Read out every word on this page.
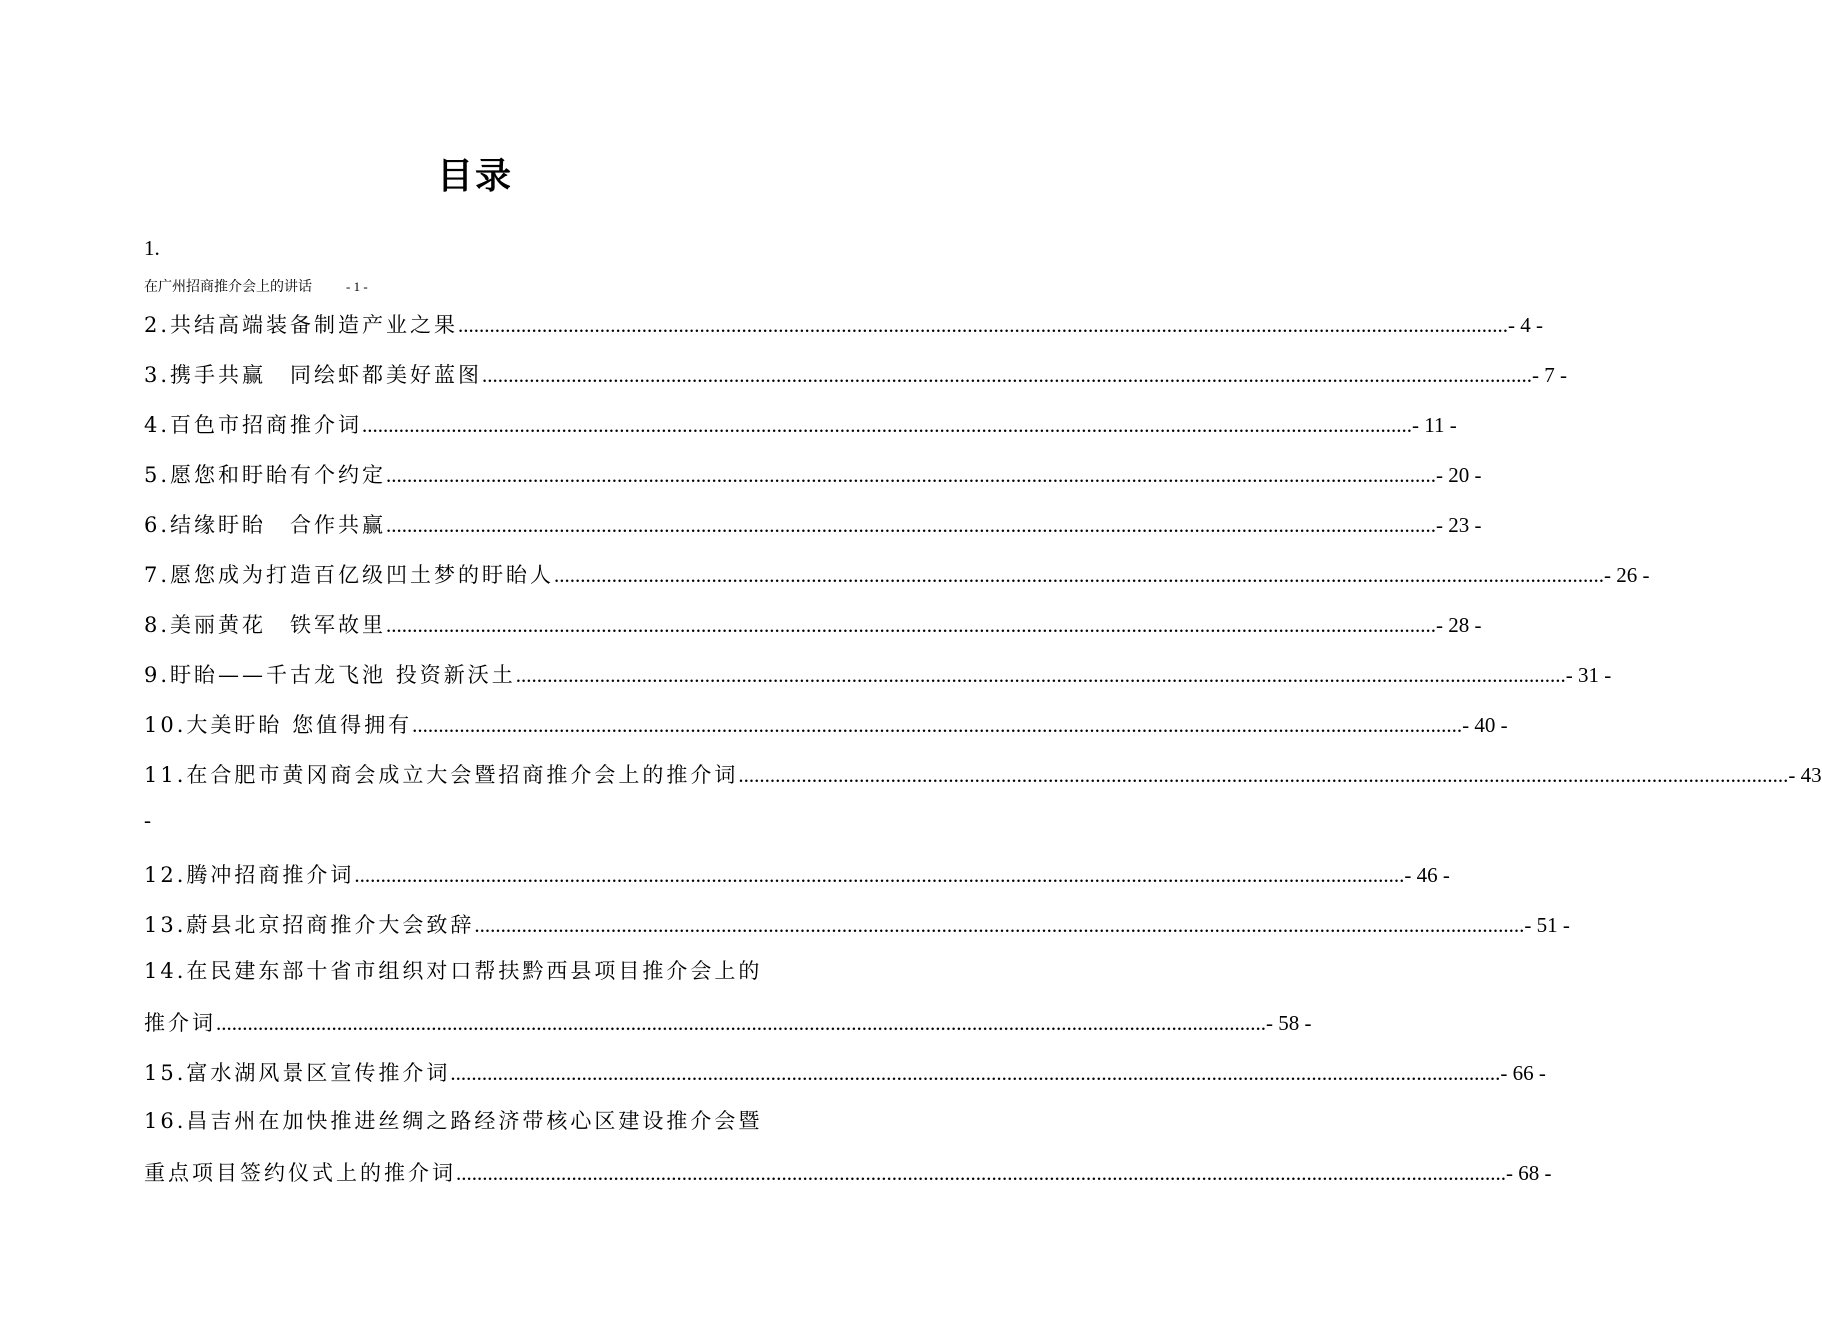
目录
1.
在广州招商推介会上的讲话	- 1 -
2.共结高端装备制造产业之果 ........................................................................................................................................................................................................ - 4 -
3.携手共赢　同绘虾都美好蓝图 ........................................................................................................................................................................................................ - 7 -
4.百色市招商推介词 ........................................................................................................................................................................................................ - 11 -
5.愿您和盱眙有个约定 ........................................................................................................................................................................................................ - 20 -
6.结缘盱眙　合作共赢 ........................................................................................................................................................................................................ - 23 -
7.愿您成为打造百亿级凹土梦的盱眙人 ........................................................................................................................................................................................................ - 26 -
8.美丽黄花　铁军故里 ........................................................................................................................................................................................................ - 28 -
9.盱眙——千古龙飞池 投资新沃土 ........................................................................................................................................................................................................ - 31 -
10.大美盱眙 您值得拥有 ........................................................................................................................................................................................................ - 40 -
11.在合肥市黄冈商会成立大会暨招商推介会上的推介词 ........................................................................................................................................................................................................ - 43
-
12.腾冲招商推介词 ........................................................................................................................................................................................................ - 46 -
13.蔚县北京招商推介大会致辞 ........................................................................................................................................................................................................ - 51 -
14.在民建东部十省市组织对口帮扶黔西县项目推介会上的
推介词 ........................................................................................................................................................................................................ - 58 -
15.富水湖风景区宣传推介词 ........................................................................................................................................................................................................ - 66 -
16.昌吉州在加快推进丝绸之路经济带核心区建设推介会暨
重点项目签约仪式上的推介词 ........................................................................................................................................................................................................ - 68 -
